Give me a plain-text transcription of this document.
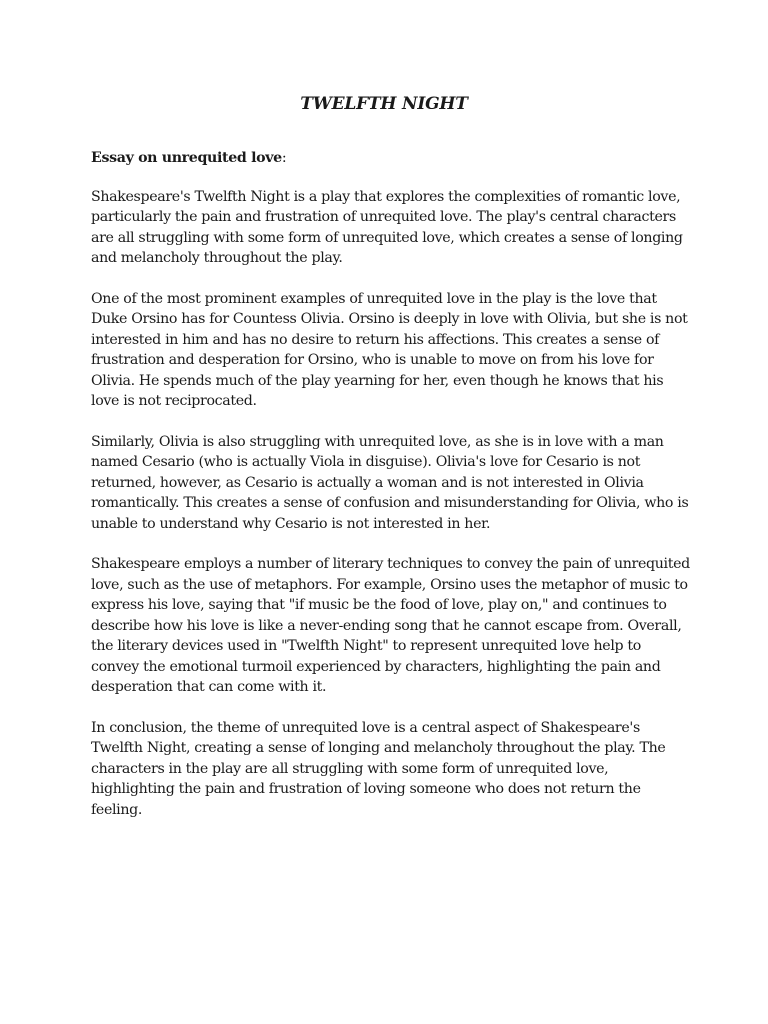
TWELFTH NIGHT
Essay on unrequited love:

Shakespeare's Twelfth Night is a play that explores the complexities of romantic love, particularly the pain and frustration of unrequited love. The play's central characters are all struggling with some form of unrequited love, which creates a sense of longing and melancholy throughout the play.

One of the most prominent examples of unrequited love in the play is the love that Duke Orsino has for Countess Olivia. Orsino is deeply in love with Olivia, but she is not interested in him and has no desire to return his affections. This creates a sense of frustration and desperation for Orsino, who is unable to move on from his love for Olivia. He spends much of the play yearning for her, even though he knows that his love is not reciprocated.

Similarly, Olivia is also struggling with unrequited love, as she is in love with a man named Cesario (who is actually Viola in disguise). Olivia's love for Cesario is not returned, however, as Cesario is actually a woman and is not interested in Olivia romantically. This creates a sense of confusion and misunderstanding for Olivia, who is unable to understand why Cesario is not interested in her.

Shakespeare employs a number of literary techniques to convey the pain of unrequited love, such as the use of metaphors. For example, Orsino uses the metaphor of music to express his love, saying that "if music be the food of love, play on," and continues to describe how his love is like a never-ending song that he cannot escape from. Overall, the literary devices used in "Twelfth Night" to represent unrequited love help to convey the emotional turmoil experienced by characters, highlighting the pain and desperation that can come with it.

In conclusion, the theme of unrequited love is a central aspect of Shakespeare's Twelfth Night, creating a sense of longing and melancholy throughout the play. The characters in the play are all struggling with some form of unrequited love, highlighting the pain and frustration of loving someone who does not return the feeling.
